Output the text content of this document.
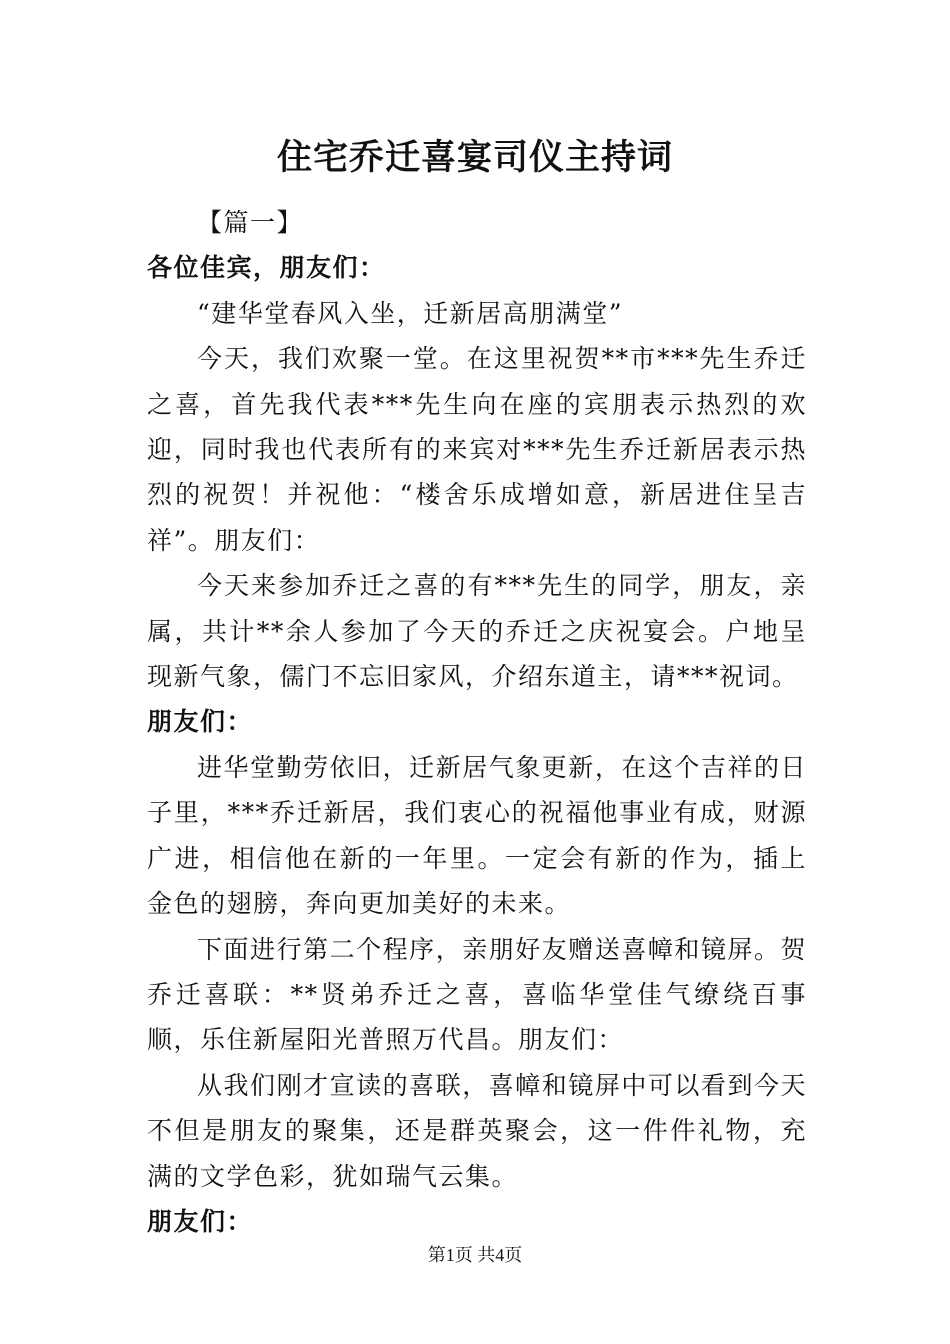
住宅乔迁喜宴司仪主持词

【篇一】

各位佳宾，朋友们：

“建华堂春风入坐，迁新居高朋满堂”

今天，我们欢聚一堂。在这里祝贺**市***先生乔迁之喜，首先我代表***先生向在座的宾朋表示热烈的欢迎，同时我也代表所有的来宾对***先生乔迁新居表示热烈的祝贺！并祝他：“楼舍乐成增如意，新居进住呈吉祥”。朋友们：

今天来参加乔迁之喜的有***先生的同学，朋友，亲属，共计**余人参加了今天的乔迁之庆祝宴会。户地呈现新气象，儒门不忘旧家风，介绍东道主，请***祝词。

朋友们：

进华堂勤劳依旧，迁新居气象更新，在这个吉祥的日子里，***乔迁新居，我们衷心的祝福他事业有成，财源广进，相信他在新的一年里。一定会有新的作为，插上金色的翅膀，奔向更加美好的未来。

下面进行第二个程序，亲朋好友赠送喜幛和镜屏。贺乔迁喜联：**贤弟乔迁之喜，喜临华堂佳气缭绕百事顺，乐住新屋阳光普照万代昌。朋友们：

从我们刚才宣读的喜联，喜幛和镜屏中可以看到今天不但是朋友的聚集，还是群英聚会，这一件件礼物，充满的文学色彩，犹如瑞气云集。

朋友们：

第1页 共4页
